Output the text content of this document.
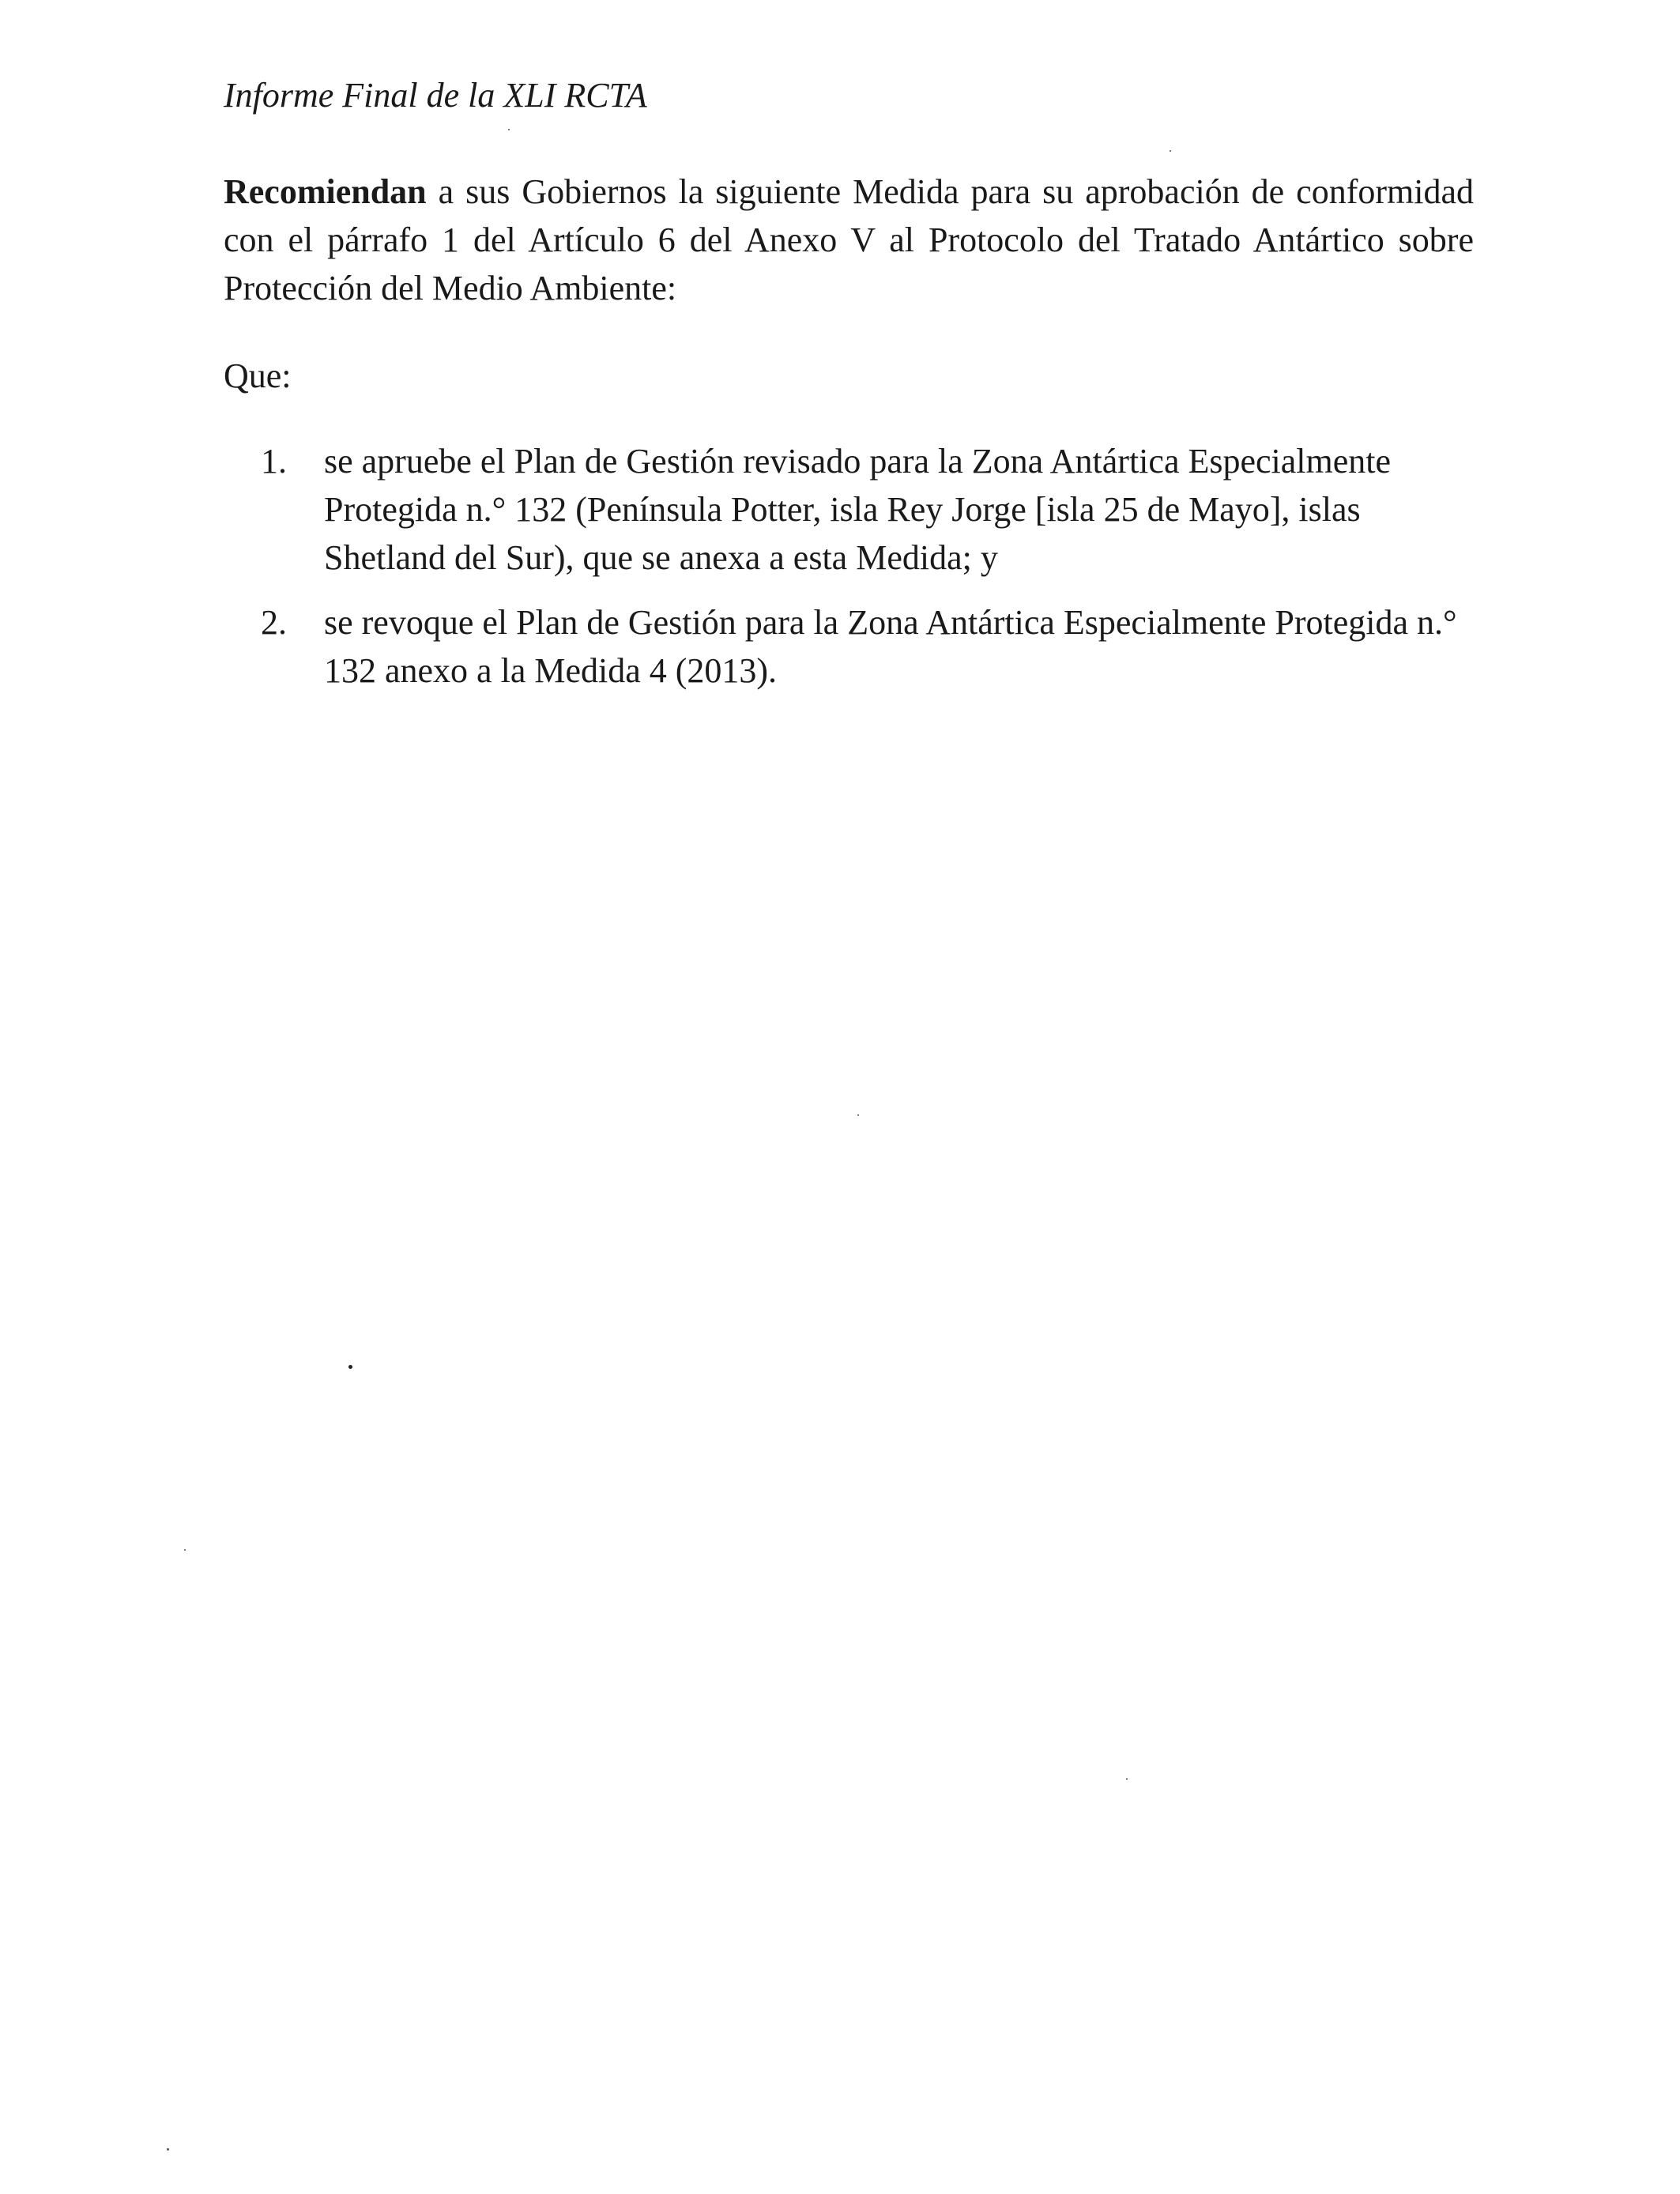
Informe Final de la XLI RCTA

Recomiendan a sus Gobiernos la siguiente Medida para su aprobación de conformidad con el párrafo 1 del Artículo 6 del Anexo V al Protocolo del Tratado Antártico sobre Protección del Medio Ambiente:

Que:
1.	se apruebe el Plan de Gestión revisado para la Zona Antártica Especialmente Protegida n.° 132 (Península Potter, isla Rey Jorge [isla 25 de Mayo], islas Shetland del Sur), que se anexa a esta Medida; y
2.	se revoque el Plan de Gestión para la Zona Antártica Especialmente Protegida n.° 132 anexo a la Medida 4 (2013).
